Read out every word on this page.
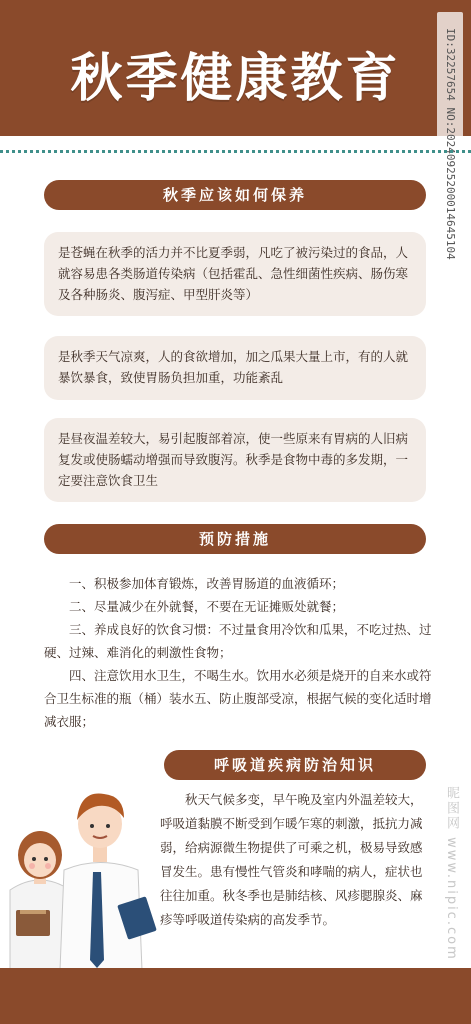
秋季健康教育	ID:32257654 NO:20240925200014645104
秋季应该如何保养
是苍蝇在秋季的活力并不比夏季弱，凡吃了被污染过的食品，人就容易患各类肠道传染病（包括霍乱、急性细菌性疾病、肠伤寒及各种肠炎、腹泻症、甲型肝炎等）
是秋季天气凉爽，人的食欲增加，加之瓜果大量上市，有的人就暴饮暴食，致使胃肠负担加重，功能紊乱
是昼夜温差较大，易引起腹部着凉，使一些原来有胃病的人旧病复发或使肠蠕动增强而导致腹泻。秋季是食物中毒的多发期，一定要注意饮食卫生
预防措施

一、积极参加体育锻炼，改善胃肠道的血液循环；

二、尽量减少在外就餐，不要在无证摊贩处就餐；

三、养成良好的饮食习惯：不过量食用冷饮和瓜果，不吃过热、过硬、过辣、难消化的刺激性食物；

四、注意饮用水卫生，不喝生水。饮用水必须是烧开的自来水或符合卫生标准的瓶（桶）装水五、防止腹部受凉，根据气候的变化适时增减衣服；

呼吸道疾病防治知识
秋天气候多变，早午晚及室内外温差较大，呼吸道黏膜不断受到乍暖乍寒的刺激，抵抗力减弱，给病源微生物提供了可乘之机，极易导致感冒发生。患有慢性气管炎和哮喘的病人，症状也往往加重。秋冬季也是肺结核、风疹腮腺炎、麻疹等呼吸道传染病的高发季节。	昵图网 www.nipic.com
